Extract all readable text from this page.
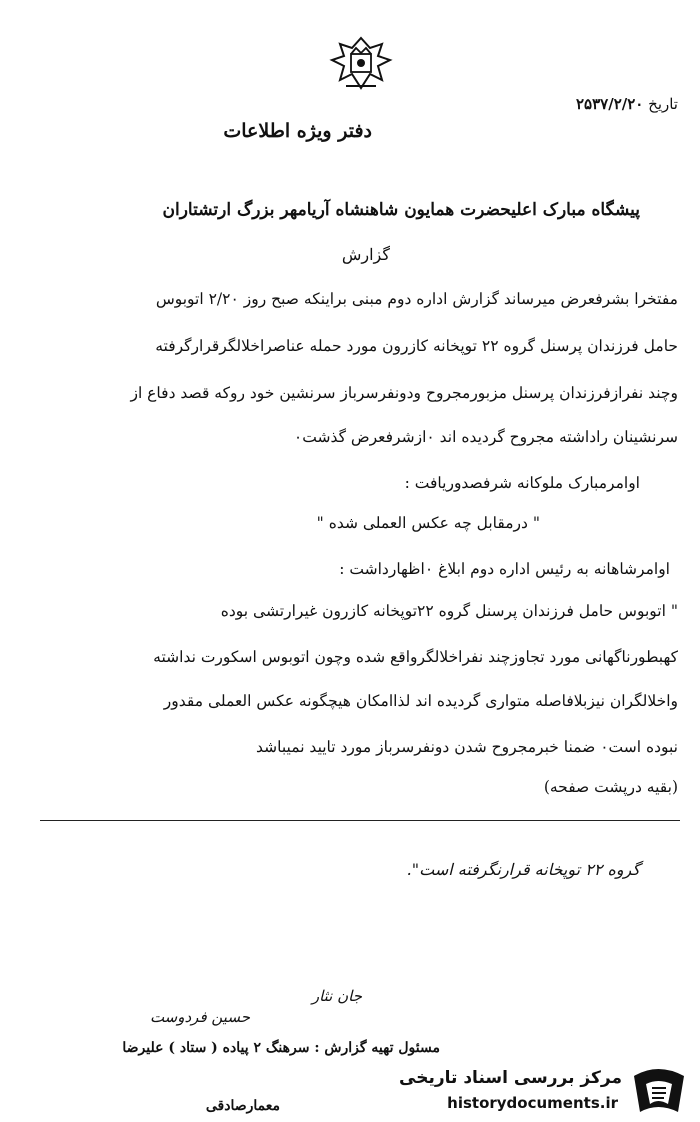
تاریخ ۲۵۳۷/۲/۲۰
دفتر ویژه اطلاعات
پیشگاه مبارک اعلیحضرت همایون شاهنشاه آریامهر بزرگ ارتشتاران
گزارش
مفتخرا بشرفعرض میرساند گزارش اداره دوم مبنی براینکه صبح روز ۲/۲۰ اتوبوس
حامل فرزندان پرسنل گروه ۲۲ توپخانه کازرون مورد حمله عناصراخلالگرقرارگرفته
وچند نفرازفرزندان پرسنل مزبورمجروح ودونفرسرباز سرنشین خود روکه قصد دفاع از
سرنشینان راداشته مجروح گردیده اند ٠ازشرفعرض گذشت٠
اوامرمبارک ملوکانه شرفصدوریافت :
" درمقابل چه عکس العملی شده "
اوامرشاهانه به رئیس اداره دوم ابلاغ ٠اظهارداشت :
" اتوبوس حامل فرزندان پرسنل گروه ۲۲توپخانه کازرون غیرارتشی بوده
کهبطورناگهانی مورد تجاوزچند نفراخلالگرواقع شده وچون اتوبوس اسکورت نداشته
واخلالگران نیزبلافاصله متواری گردیده اند لذاامکان هیچگونه عکس العملی مقدور
نبوده است٠ ضمنا خبرمجروح شدن دونفرسرباز مورد تایید نمیباشد
(بقیه درپشت صفحه)
گروه ۲۲ توپخانه قرارنگرفته است".
جان نثار
حسین فردوست
مسئول تهیه گزارش : سرهنگ ۲ پیاده ( ستاد ) علیرضا
معمارصادقی
مرکز بررسی اسناد تاریخی
historydocuments.ir
